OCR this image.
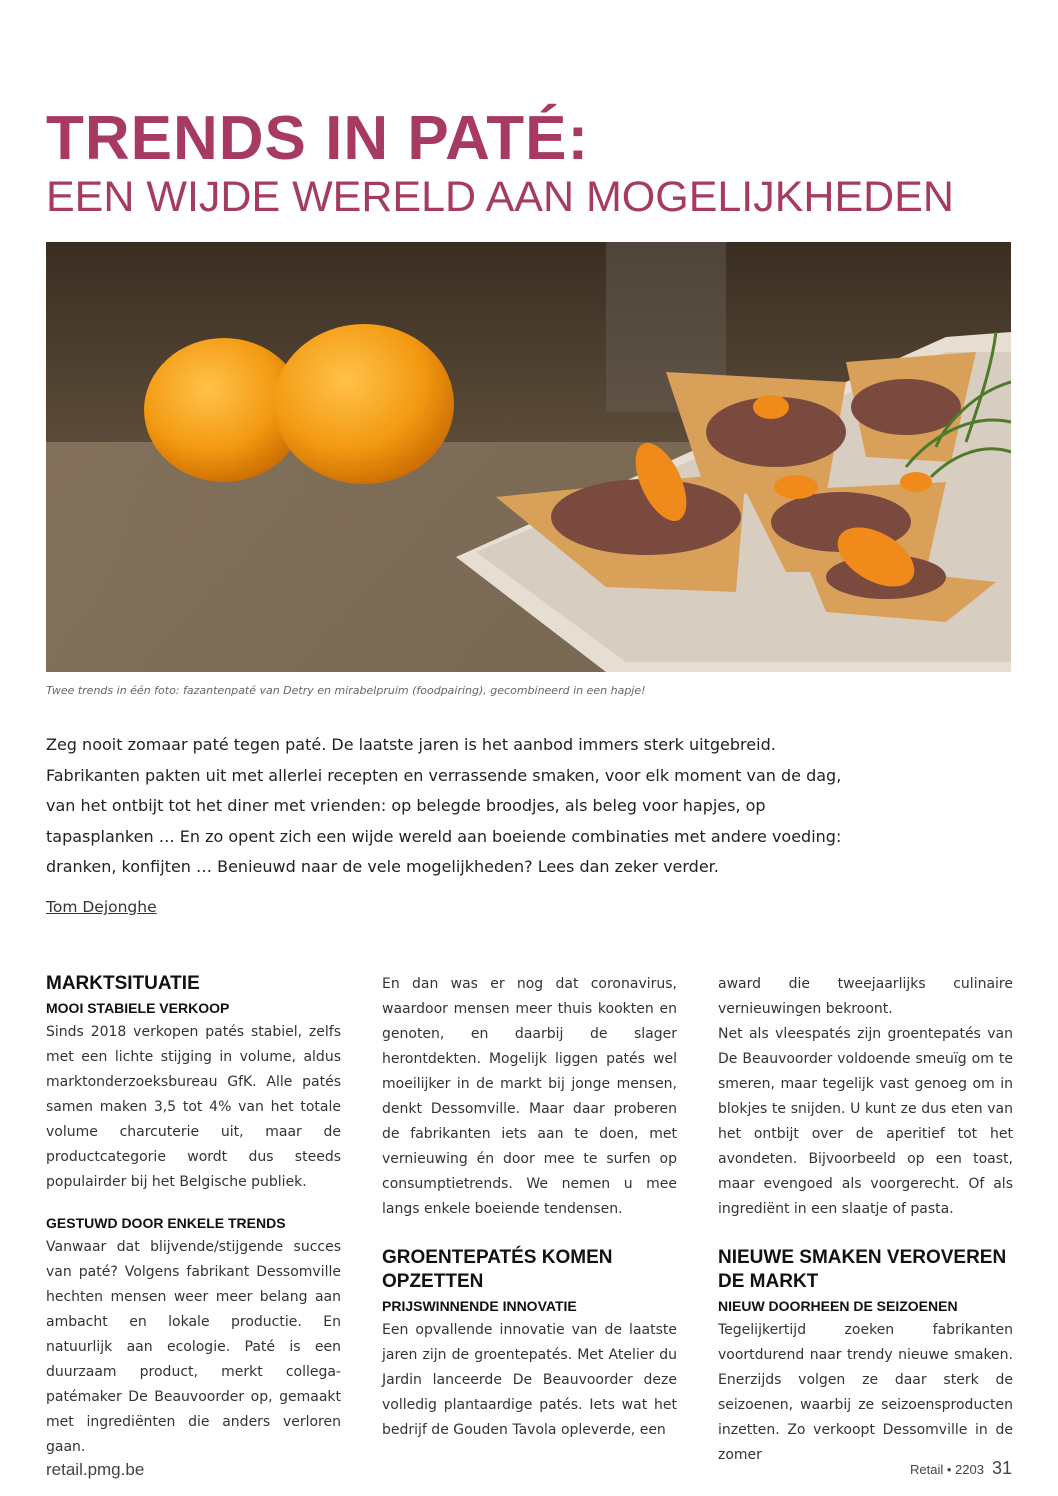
TRENDS IN PATÉ:
EEN WIJDE WERELD AAN MOGELIJKHEDEN
Twee trends in één foto: fazantenpaté van Detry en mirabelpruim (foodpairing), gecombineerd in een hapje!

Zeg nooit zomaar paté tegen paté. De laatste jaren is het aanbod immers sterk uitgebreid. Fabrikanten pakten uit met allerlei recepten en verrassende smaken, voor elk moment van de dag, van het ontbijt tot het diner met vrienden: op belegde broodjes, als beleg voor hapjes, op tapasplanken … En zo opent zich een wijde wereld aan boeiende combinaties met andere voeding: dranken, konfijten … Benieuwd naar de vele mogelijkheden? Lees dan zeker verder.

Tom Dejonghe
MARKTSITUATIE
MOOI STABIELE VERKOOP

Sinds 2018 verkopen patés stabiel, zelfs met een lichte stijging in volume, aldus marktonderzoeksbureau GfK. Alle patés samen maken 3,5 tot 4% van het totale volume charcuterie uit, maar de productcategorie wordt dus steeds populairder bij het Belgische publiek.

GESTUWD DOOR ENKELE TRENDS

Vanwaar dat blijvende/stijgende succes van paté? Volgens fabrikant Dessomville hechten mensen weer meer belang aan ambacht en lokale productie. En natuurlijk aan ecologie. Paté is een duurzaam product, merkt collega-patémaker De Beauvoorder op, gemaakt met ingrediënten die anders verloren gaan.

En dan was er nog dat coronavirus, waardoor mensen meer thuis kookten en genoten, en daarbij de slager herontdekten. Mogelijk liggen patés wel moeilijker in de markt bij jonge mensen, denkt Dessomville. Maar daar proberen de fabrikanten iets aan te doen, met vernieuwing én door mee te surfen op consumptietrends. We nemen u mee langs enkele boeiende tendensen.

GROENTEPATÉS KOMEN OPZETTEN
PRIJSWINNENDE INNOVATIE

Een opvallende innovatie van de laatste jaren zijn de groentepatés. Met Atelier du Jardin lanceerde De Beauvoorder deze volledig plantaardige patés. Iets wat het bedrijf de Gouden Tavola opleverde, een

award die tweejaarlijks culinaire vernieuwingen bekroont.

Net als vleespatés zijn groentepatés van De Beauvoorder voldoende smeuïg om te smeren, maar tegelijk vast genoeg om in blokjes te snijden. U kunt ze dus eten van het ontbijt over de aperitief tot het avondeten. Bijvoorbeeld op een toast, maar evengoed als voorgerecht. Of als ingrediënt in een slaatje of pasta.

NIEUWE SMAKEN VEROVEREN DE MARKT
NIEUW DOORHEEN DE SEIZOENEN

Tegelijkertijd zoeken fabrikanten voortdurend naar trendy nieuwe smaken. Enerzijds volgen ze daar sterk de seizoenen, waarbij ze seizoensproducten inzetten. Zo verkoopt Dessomville in de zomer

retail.pmg.be	Retail • 2203 31
